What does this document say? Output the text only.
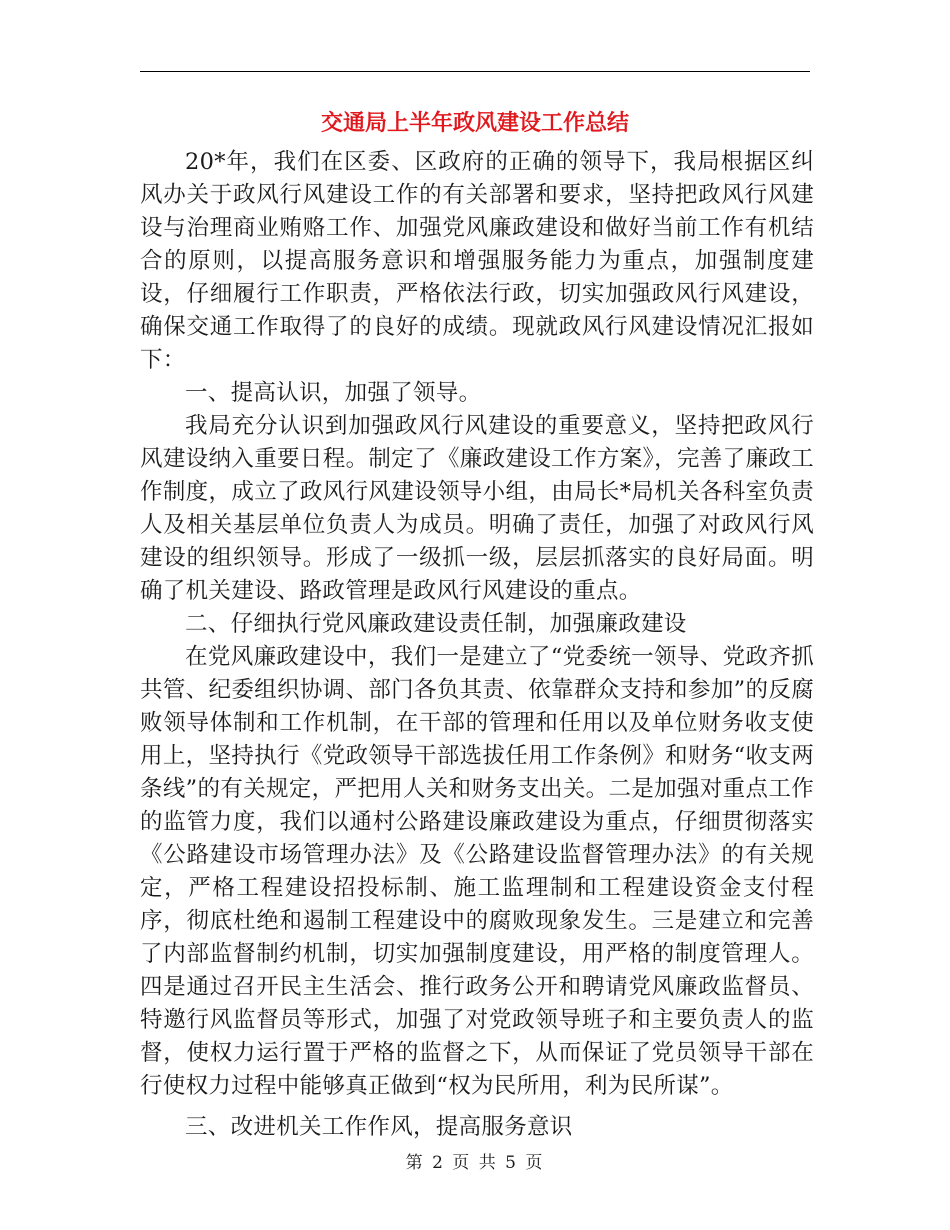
交通局上半年政风建设工作总结

20*年，我们在区委、区政府的正确的领导下，我局根据区纠风办关于政风行风建设工作的有关部署和要求，坚持把政风行风建设与治理商业贿赂工作、加强党风廉政建设和做好当前工作有机结合的原则，以提高服务意识和增强服务能力为重点，加强制度建设，仔细履行工作职责，严格依法行政，切实加强政风行风建设，确保交通工作取得了的良好的成绩。现就政风行风建设情况汇报如下：

一、提高认识，加强了领导。

我局充分认识到加强政风行风建设的重要意义，坚持把政风行风建设纳入重要日程。制定了《廉政建设工作方案》，完善了廉政工作制度，成立了政风行风建设领导小组，由局长*局机关各科室负责人及相关基层单位负责人为成员。明确了责任，加强了对政风行风建设的组织领导。形成了一级抓一级，层层抓落实的良好局面。明确了机关建设、路政管理是政风行风建设的重点。

二、仔细执行党风廉政建设责任制，加强廉政建设

在党风廉政建设中，我们一是建立了“党委统一领导、党政齐抓共管、纪委组织协调、部门各负其责、依靠群众支持和参加”的反腐败领导体制和工作机制，在干部的管理和任用以及单位财务收支使用上，坚持执行《党政领导干部选拔任用工作条例》和财务“收支两条线”的有关规定，严把用人关和财务支出关。二是加强对重点工作的监管力度，我们以通村公路建设廉政建设为重点，仔细贯彻落实《公路建设市场管理办法》及《公路建设监督管理办法》的有关规定，严格工程建设招投标制、施工监理制和工程建设资金支付程序，彻底杜绝和遏制工程建设中的腐败现象发生。三是建立和完善了内部监督制约机制，切实加强制度建设，用严格的制度管理人。四是通过召开民主生活会、推行政务公开和聘请党风廉政监督员、特邀行风监督员等形式，加强了对党政领导班子和主要负责人的监督，使权力运行置于严格的监督之下，从而保证了党员领导干部在行使权力过程中能够真正做到“权为民所用，利为民所谋”。

三、改进机关工作作风，提高服务意识

第 2 页 共 5 页
